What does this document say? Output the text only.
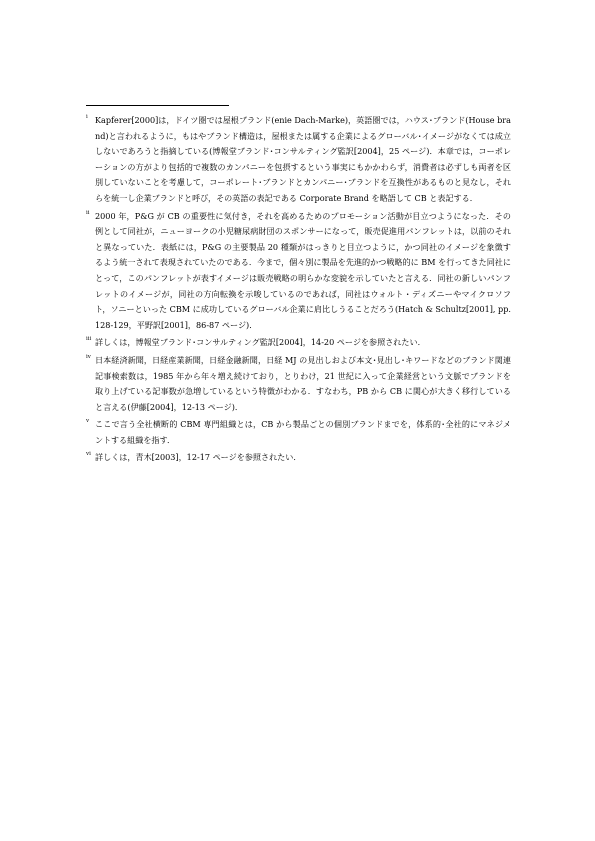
i Kapferer[2000]は，ドイツ圏では屋根ブランド(enie Dach-Marke)，英語圏では，ハウス･ブランド(House brand)と言われるように，もはやブランド構造は，屋根または属する企業によるグローバル･イメージがなくては成立しないであろうと指摘している(博報堂ブランド･コンサルティング監訳[2004]，25 ページ)．本章では，コーポレーションの方がより包括的で複数のカンパニーを包摂するという事実にもかかわらず，消費者は必ずしも両者を区別していないことを考慮して，コーポレート･ブランドとカンパニー･ブランドを互換性があるものと見なし，それらを統一し企業ブランドと呼び，その英語の表記である Corporate Brand を略語して CB と表記する．
ii 2000 年，P&G が CB の重要性に気付き，それを高めるためのプロモーション活動が目立つようになった．その例として同社が，ニューヨークの小児糖尿病財団のスポンサーになって，販売促進用パンフレットは，以前のそれと異なっていた．表紙には，P&G の主要製品 20 種類がはっきりと目立つように，かつ同社のイメージを象徴するよう統一されて表現されていたのである．今まで，個々別に製品を先進的かつ戦略的に BM を行ってきた同社にとって，このパンフレットが表すイメージは販売戦略の明らかな変貌を示していたと言える．同社の新しいパンフレットのイメージが，同社の方向転換を示唆しているのであれば，同社はウォルト・ディズニーやマイクロソフト，ソニーといった CBM に成功しているグローバル企業に肩比しうることだろう(Hatch & Schultz[2001], pp.128-129，平野訳[2001]，86-87 ページ)．
iii 詳しくは，博報堂ブランド･コンサルティング監訳[2004]，14-20 ページを参照されたい．
iv 日本経済新聞，日経産業新聞，日経金融新聞，日経 MJ の見出しおよび本文･見出し･キワードなどのブランド関連記事検索数は，1985 年から年々増え続けており，とりわけ，21 世紀に入って企業経営という文脈でブランドを取り上げている記事数が急増しているという特徴がわかる．すなわち，PB から CB に関心が大きく移行していると言える(伊藤[2004]，12-13 ページ)．
v ここで言う全社横断的 CBM 専門組織とは，CB から製品ごとの個別ブランドまでを，体系的･全社的にマネジメントする組織を指す．
vi 詳しくは，青木[2003]，12-17 ページを参照されたい．
